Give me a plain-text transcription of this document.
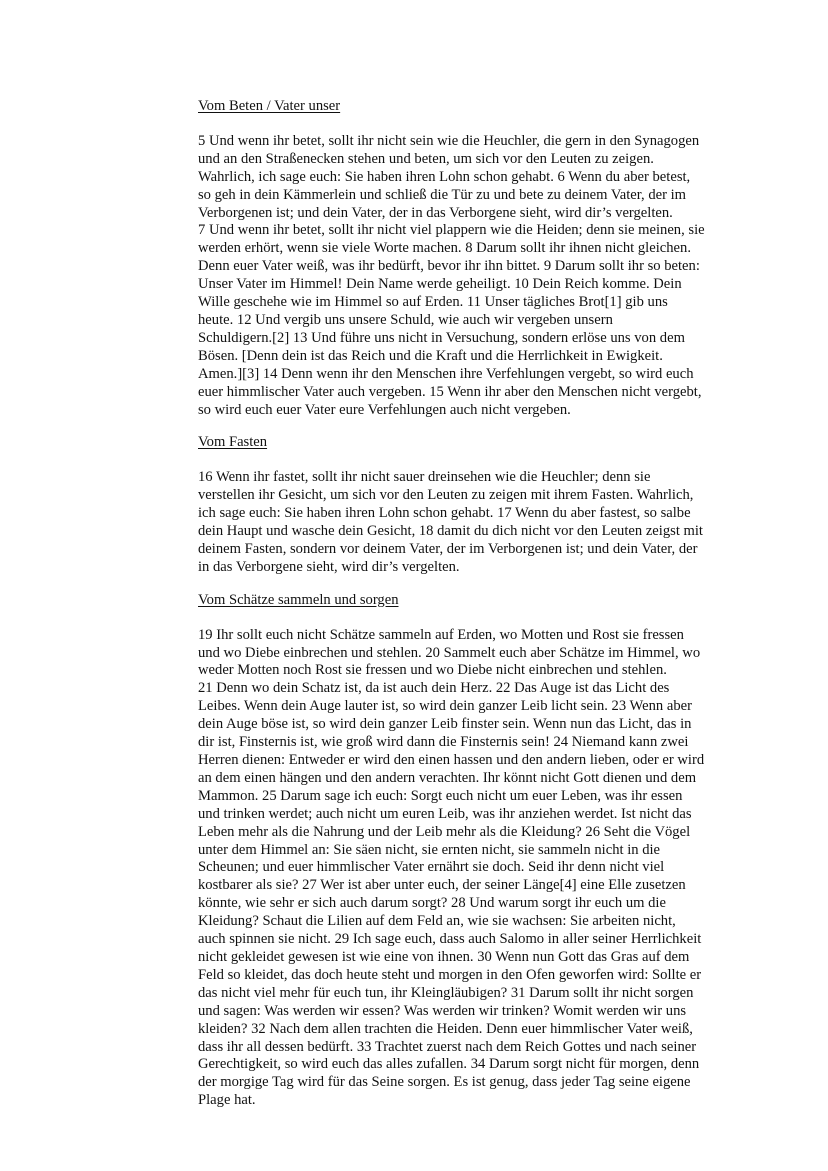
Vom Beten / Vater unser
5 Und wenn ihr betet, sollt ihr nicht sein wie die Heuchler, die gern in den Synagogen
und an den Straßenecken stehen und beten, um sich vor den Leuten zu zeigen.
Wahrlich, ich sage euch: Sie haben ihren Lohn schon gehabt. 6 Wenn du aber betest,
so geh in dein Kämmerlein und schließ die Tür zu und bete zu deinem Vater, der im
Verborgenen ist; und dein Vater, der in das Verborgene sieht, wird dir’s vergelten.
7 Und wenn ihr betet, sollt ihr nicht viel plappern wie die Heiden; denn sie meinen, sie
werden erhört, wenn sie viele Worte machen. 8 Darum sollt ihr ihnen nicht gleichen.
Denn euer Vater weiß, was ihr bedürft, bevor ihr ihn bittet. 9 Darum sollt ihr so beten:
Unser Vater im Himmel! Dein Name werde geheiligt. 10 Dein Reich komme. Dein
Wille geschehe wie im Himmel so auf Erden. 11 Unser tägliches Brot[1] gib uns
heute. 12 Und vergib uns unsere Schuld, wie auch wir vergeben unsern
Schuldigern.[2] 13 Und führe uns nicht in Versuchung, sondern erlöse uns von dem
Bösen. [Denn dein ist das Reich und die Kraft und die Herrlichkeit in Ewigkeit.
Amen.][3] 14 Denn wenn ihr den Menschen ihre Verfehlungen vergebt, so wird euch
euer himmlischer Vater auch vergeben. 15 Wenn ihr aber den Menschen nicht vergebt,
so wird euch euer Vater eure Verfehlungen auch nicht vergeben.
Vom Fasten
16 Wenn ihr fastet, sollt ihr nicht sauer dreinsehen wie die Heuchler; denn sie
verstellen ihr Gesicht, um sich vor den Leuten zu zeigen mit ihrem Fasten. Wahrlich,
ich sage euch: Sie haben ihren Lohn schon gehabt. 17 Wenn du aber fastest, so salbe
dein Haupt und wasche dein Gesicht, 18 damit du dich nicht vor den Leuten zeigst mit
deinem Fasten, sondern vor deinem Vater, der im Verborgenen ist; und dein Vater, der
in das Verborgene sieht, wird dir’s vergelten.
Vom Schätze sammeln und sorgen
19 Ihr sollt euch nicht Schätze sammeln auf Erden, wo Motten und Rost sie fressen
und wo Diebe einbrechen und stehlen. 20 Sammelt euch aber Schätze im Himmel, wo
weder Motten noch Rost sie fressen und wo Diebe nicht einbrechen und stehlen.
21 Denn wo dein Schatz ist, da ist auch dein Herz. 22 Das Auge ist das Licht des
Leibes. Wenn dein Auge lauter ist, so wird dein ganzer Leib licht sein. 23 Wenn aber
dein Auge böse ist, so wird dein ganzer Leib finster sein. Wenn nun das Licht, das in
dir ist, Finsternis ist, wie groß wird dann die Finsternis sein! 24 Niemand kann zwei
Herren dienen: Entweder er wird den einen hassen und den andern lieben, oder er wird
an dem einen hängen und den andern verachten. Ihr könnt nicht Gott dienen und dem
Mammon. 25 Darum sage ich euch: Sorgt euch nicht um euer Leben, was ihr essen
und trinken werdet; auch nicht um euren Leib, was ihr anziehen werdet. Ist nicht das
Leben mehr als die Nahrung und der Leib mehr als die Kleidung? 26 Seht die Vögel
unter dem Himmel an: Sie säen nicht, sie ernten nicht, sie sammeln nicht in die
Scheunen; und euer himmlischer Vater ernährt sie doch. Seid ihr denn nicht viel
kostbarer als sie? 27 Wer ist aber unter euch, der seiner Länge[4] eine Elle zusetzen
könnte, wie sehr er sich auch darum sorgt? 28 Und warum sorgt ihr euch um die
Kleidung? Schaut die Lilien auf dem Feld an, wie sie wachsen: Sie arbeiten nicht,
auch spinnen sie nicht. 29 Ich sage euch, dass auch Salomo in aller seiner Herrlichkeit
nicht gekleidet gewesen ist wie eine von ihnen. 30 Wenn nun Gott das Gras auf dem
Feld so kleidet, das doch heute steht und morgen in den Ofen geworfen wird: Sollte er
das nicht viel mehr für euch tun, ihr Kleingläubigen? 31 Darum sollt ihr nicht sorgen
und sagen: Was werden wir essen? Was werden wir trinken? Womit werden wir uns
kleiden? 32 Nach dem allen trachten die Heiden. Denn euer himmlischer Vater weiß,
dass ihr all dessen bedürft. 33 Trachtet zuerst nach dem Reich Gottes und nach seiner
Gerechtigkeit, so wird euch das alles zufallen. 34 Darum sorgt nicht für morgen, denn
der morgige Tag wird für das Seine sorgen. Es ist genug, dass jeder Tag seine eigene
Plage hat.
